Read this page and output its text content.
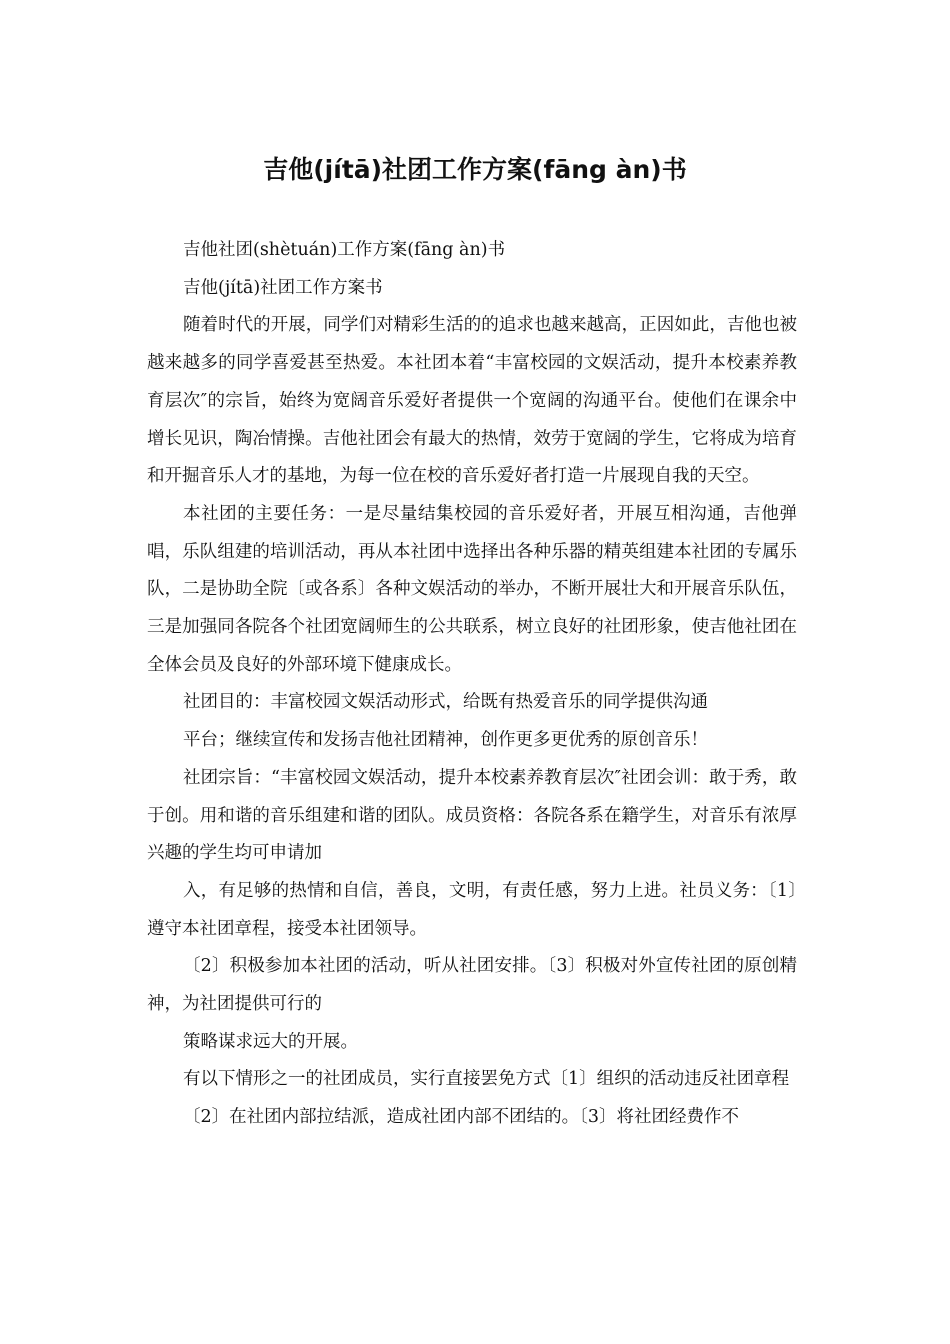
吉他(jítā)社团工作方案(fāng àn)书

吉他社团(shètuán)工作方案(fāng àn)书

吉他(jítā)社团工作方案书

随着时代的开展，同学们对精彩生活的的追求也越来越高，正因如此，吉他也被越来越多的同学喜爱甚至热爱。本社团本着“丰富校园的文娱活动，提升本校素养教育层次″的宗旨，始终为宽阔音乐爱好者提供一个宽阔的沟通平台。使他们在课余中增长见识，陶冶情操。吉他社团会有最大的热情，效劳于宽阔的学生，它将成为培育和开掘音乐人才的基地，为每一位在校的音乐爱好者打造一片展现自我的天空。

本社团的主要任务：一是尽量结集校园的音乐爱好者，开展互相沟通，吉他弹唱，乐队组建的培训活动，再从本社团中选择出各种乐器的精英组建本社团的专属乐队，二是协助全院〔或各系〕各种文娱活动的举办，不断开展壮大和开展音乐队伍，三是加强同各院各个社团宽阔师生的公共联系，树立良好的社团形象，使吉他社团在全体会员及良好的外部环境下健康成长。

社团目的：丰富校园文娱活动形式，给既有热爱音乐的同学提供沟通

平台；继续宣传和发扬吉他社团精神，创作更多更优秀的原创音乐！

社团宗旨：“丰富校园文娱活动，提升本校素养教育层次″社团会训：敢于秀，敢于创。用和谐的音乐组建和谐的团队。成员资格：各院各系在籍学生，对音乐有浓厚兴趣的学生均可申请加

入，有足够的热情和自信，善良，文明，有责任感，努力上进。社员义务：〔1〕遵守本社团章程，接受本社团领导。

〔2〕积极参加本社团的活动，听从社团安排。〔3〕积极对外宣传社团的原创精神，为社团提供可行的

策略谋求远大的开展。

有以下情形之一的社团成员，实行直接罢免方式〔1〕组织的活动违反社团章程

〔2〕在社团内部拉结派，造成社团内部不团结的。〔3〕将社团经费作不
